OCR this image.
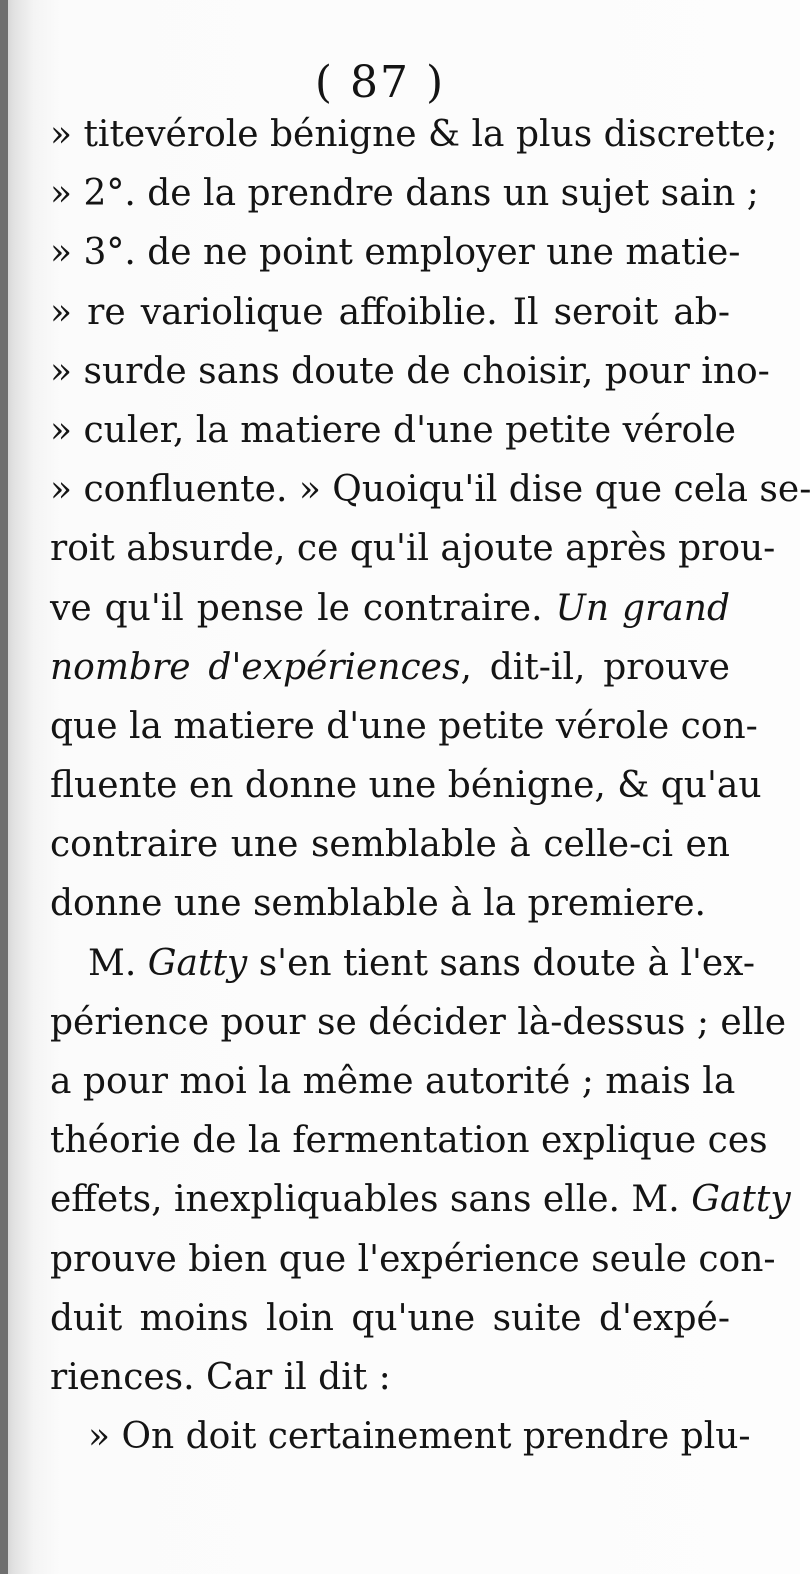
( 87 )
» titevérole bénigne & la plus discrette;
» 2°. de la prendre dans un sujet sain ;
» 3°. de ne point employer une matie-
» re variolique affoiblie. Il seroit ab-
» surde sans doute de choisir, pour ino-
» culer, la matiere d'une petite vérole
» confluente. » Quoiqu'il dise que cela se-
roit absurde, ce qu'il ajoute après prou-
ve qu'il pense le contraire. Un grand
nombre d'expériences, dit-il, prouve
que la matiere d'une petite vérole con-
fluente en donne une bénigne, & qu'au
contraire une semblable à celle-ci en
donne une semblable à la premiere.
M. Gatty s'en tient sans doute à l'ex-
périence pour se décider là-dessus ; elle
a pour moi la même autorité ; mais la
théorie de la fermentation explique ces
effets, inexpliquables sans elle. M. Gatty
prouve bien que l'expérience seule con-
duit moins loin qu'une suite d'expé-
riences. Car il dit :
» On doit certainement prendre plu-
